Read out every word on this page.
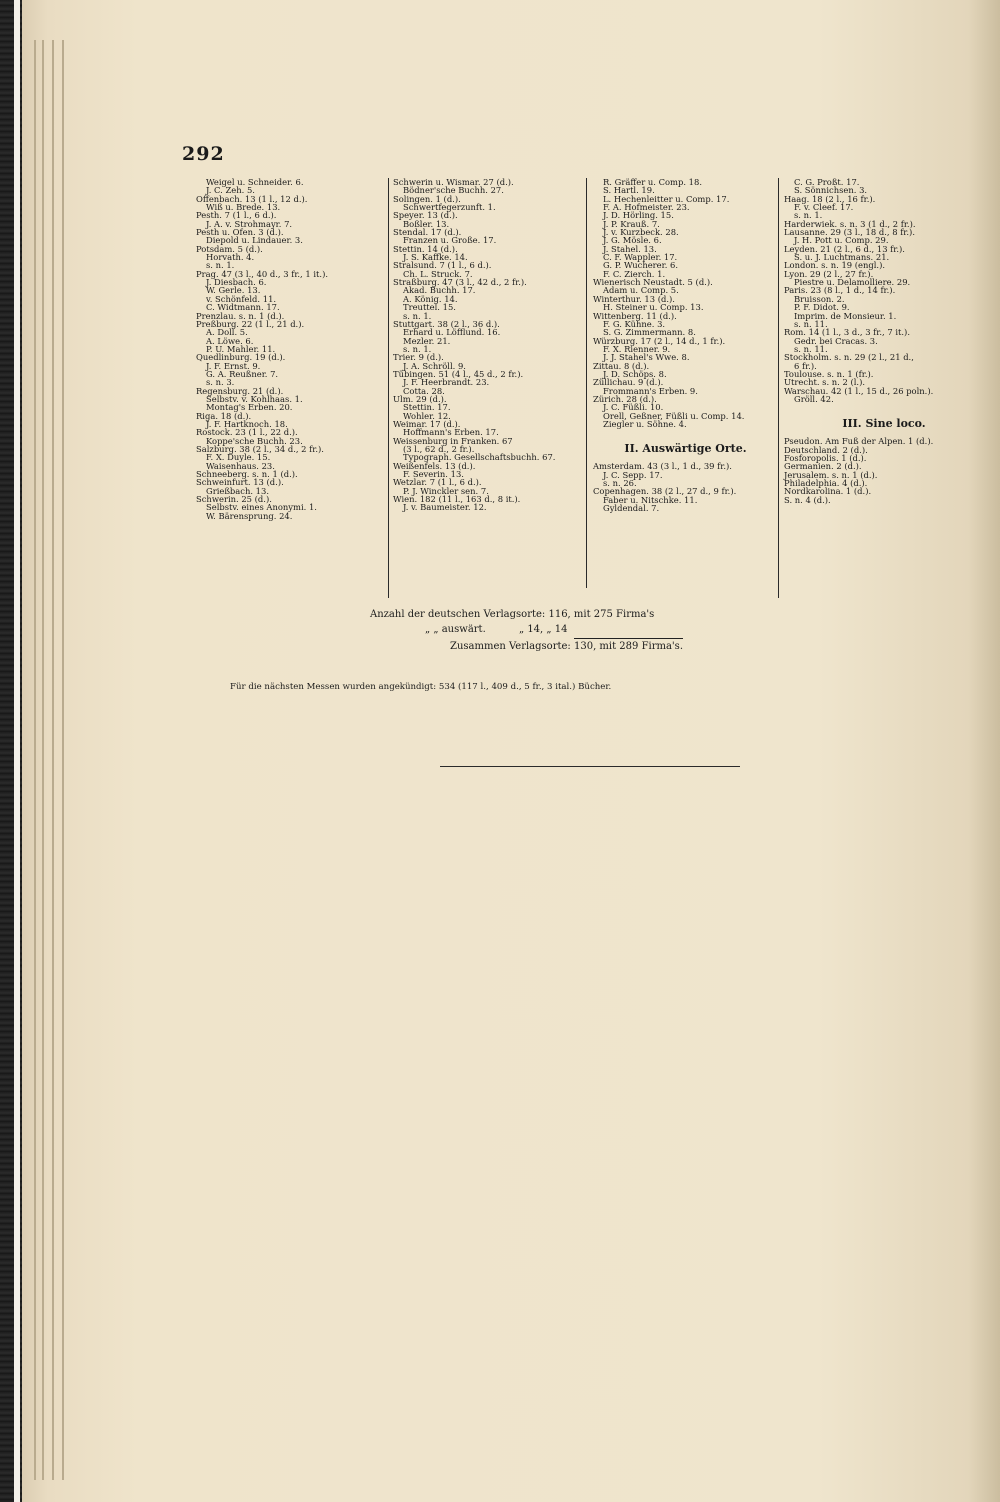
292
Weigel u. Schneider. 6.
J. C. Zeh. 5.
Offenbach. 13 (1 l., 12 d.).
Wiß u. Brede. 13.
Pesth. 7 (1 l., 6 d.).
J. A. v. Strohmayr. 7.
Pesth u. Ofen. 3 (d.).
Diepold u. Lindauer. 3.
Potsdam. 5 (d.).
Horvath. 4.
s. n. 1.
Prag. 47 (3 l., 40 d., 3 fr., 1 it.).
J. Diesbach. 6.
W. Gerle. 13.
v. Schönfeld. 11.
C. Widtmann. 17.
Prenzlau. s. n. 1 (d.).
Preßburg. 22 (1 l., 21 d.).
A. Doll. 5.
A. Löwe. 6.
P. U. Mahler. 11.
Quedlinburg. 19 (d.).
J. F. Ernst. 9.
G. A. Reußner. 7.
s. n. 3.
Regensburg. 21 (d.).
Selbstv. v. Kohlhaas. 1.
Montag's Erben. 20.
Riga. 18 (d.).
J. F. Hartknoch. 18.
Rostock. 23 (1 l., 22 d.).
Koppe'sche Buchh. 23.
Salzburg. 38 (2 l., 34 d., 2 fr.).
F. X. Duyle. 15.
Waisenhaus. 23.
Schneeberg. s. n. 1 (d.).
Schweinfurt. 13 (d.).
Grießbach. 13.
Schwerin. 25 (d.).
Selbstv. eines Anonymi. 1.
W. Bärensprung. 24.
Schwerin u. Wismar. 27 (d.).
Bödner'sche Buchh. 27.
Solingen. 1 (d.).
Schwertfegerzunft. 1.
Speyer. 13 (d.).
Boßler. 13.
Stendal. 17 (d.).
Franzen u. Große. 17.
Stettin. 14 (d.).
J. S. Kaffke. 14.
Stralsund. 7 (1 l., 6 d.).
Ch. L. Struck. 7.
Straßburg. 47 (3 l., 42 d., 2 fr.).
Akad. Buchh. 17.
A. König. 14.
Treuttel. 15.
s. n. 1.
Stuttgart. 38 (2 l., 36 d.).
Erhard u. Löfflund. 16.
Mezler. 21.
s. n. 1.
Trier. 9 (d.).
J. A. Schröll. 9.
Tübingen. 51 (4 l., 45 d., 2 fr.).
J. F. Heerbrandt. 23.
Cotta. 28.
Ulm. 29 (d.).
Stettin. 17.
Wohler. 12.
Weimar. 17 (d.).
Hoffmann's Erben. 17.
Weissenburg in Franken. 67
(3 l., 62 d., 2 fr.).
Typograph. Gesellschaftsbuchh. 67.
Weißenfels. 13 (d.).
F. Severin. 13.
Wetzlar. 7 (1 l., 6 d.).
P. J. Winckler sen. 7.
Wien. 182 (11 l., 163 d., 8 it.).
J. v. Baumeister. 12.
R. Gräffer u. Comp. 18.
S. Hartl. 19.
L. Hechenleitter u. Comp. 17.
F. A. Hofmeister. 23.
J. D. Hörling. 15.
J. P. Krauß. 7.
J. v. Kurzbeck. 28.
J. G. Mösle. 6.
J. Stahel. 13.
C. F. Wappler. 17.
G. P. Wucherer. 6.
F. C. Zierch. 1.
Wienerisch Neustadt. 5 (d.).
Adam u. Comp. 5.
Winterthur. 13 (d.).
H. Steiner u. Comp. 13.
Wittenberg. 11 (d.).
F. G. Kühne. 3.
S. G. Zimmermann. 8.
Würzburg. 17 (2 l., 14 d., 1 fr.).
F. X. Rienner. 9.
J. J. Stahel's Wwe. 8.
Zittau. 8 (d.).
J. D. Schöps. 8.
Züllichau. 9 (d.).
Frommann's Erben. 9.
Zürich. 28 (d.).
J. C. Füßli. 10.
Orell, Geßner, Füßli u. Comp. 14.
Ziegler u. Söhne. 4.
II. Auswärtige Orte.
Amsterdam. 43 (3 l., 1 d., 39 fr.).
J. C. Sepp. 17.
s. n. 26.
Copenhagen. 38 (2 l., 27 d., 9 fr.).
Faber u. Nitschke. 11.
Gyldendal. 7.
C. G. Proßt. 17.
S. Sönnichsen. 3.
Haag. 18 (2 l., 16 fr.).
F. v. Cleef. 17.
s. n. 1.
Harderwiek. s. n. 3 (1 d., 2 fr.).
Lausanne. 29 (3 l., 18 d., 8 fr.).
J. H. Pott u. Comp. 29.
Leyden. 21 (2 l., 6 d., 13 fr.).
S. u. J. Luchtmans. 21.
London. s. n. 19 (engl.).
Lyon. 29 (2 l., 27 fr.).
Piestre u. Delamolliere. 29.
Paris. 23 (8 l., 1 d., 14 fr.).
Bruisson. 2.
P. F. Didot. 9.
Imprim. de Monsieur. 1.
s. n. 11.
Rom. 14 (1 l., 3 d., 3 fr., 7 it.).
Gedr. bei Cracas. 3.
s. n. 11.
Stockholm. s. n. 29 (2 l., 21 d.,
6 fr.).
Toulouse. s. n. 1 (fr.).
Utrecht. s. n. 2 (l.).
Warschau. 42 (1 l., 15 d., 26 poln.).
Gröll. 42.
III. Sine loco.
Pseudon. Am Fuß der Alpen. 1 (d.).
Deutschland. 2 (d.).
Fosforopolis. 1 (d.).
Germanien. 2 (d.).
Jerusalem. s. n. 1 (d.).
Philadelphia. 4 (d.).
Nordkarolina. 1 (d.).
S. n. 4 (d.).
Anzahl der deutschen Verlagsorte: 116, mit 275 Firma's
„ „ auswärt.	„ 14, „ 14
Zusammen Verlagsorte: 130, mit 289 Firma's.
Für die nächsten Messen wurden angekündigt: 534 (117 l., 409 d., 5 fr., 3 ital.) Bücher.
